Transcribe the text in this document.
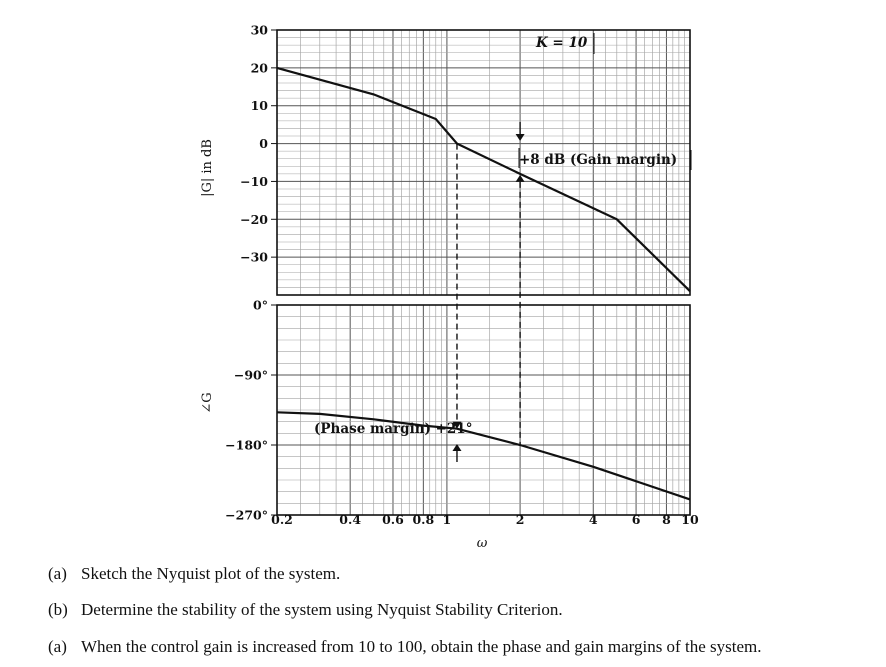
30
20
10
0
−10
−20
−30
0°
−90°
−180°
−270° 0.2	0.4 0.6 0.8 1	2	4	6 8 10
|G| in dB
∠G
ω
K = 10
+8 dB (Gain margin)
(Phase margin) +21°

(a) Sketch the Nyquist plot of the system.

(b) Determine the stability of the system using Nyquist Stability Criterion.

(a) When the control gain is increased from 10 to 100, obtain the phase and gain margins of the system.
